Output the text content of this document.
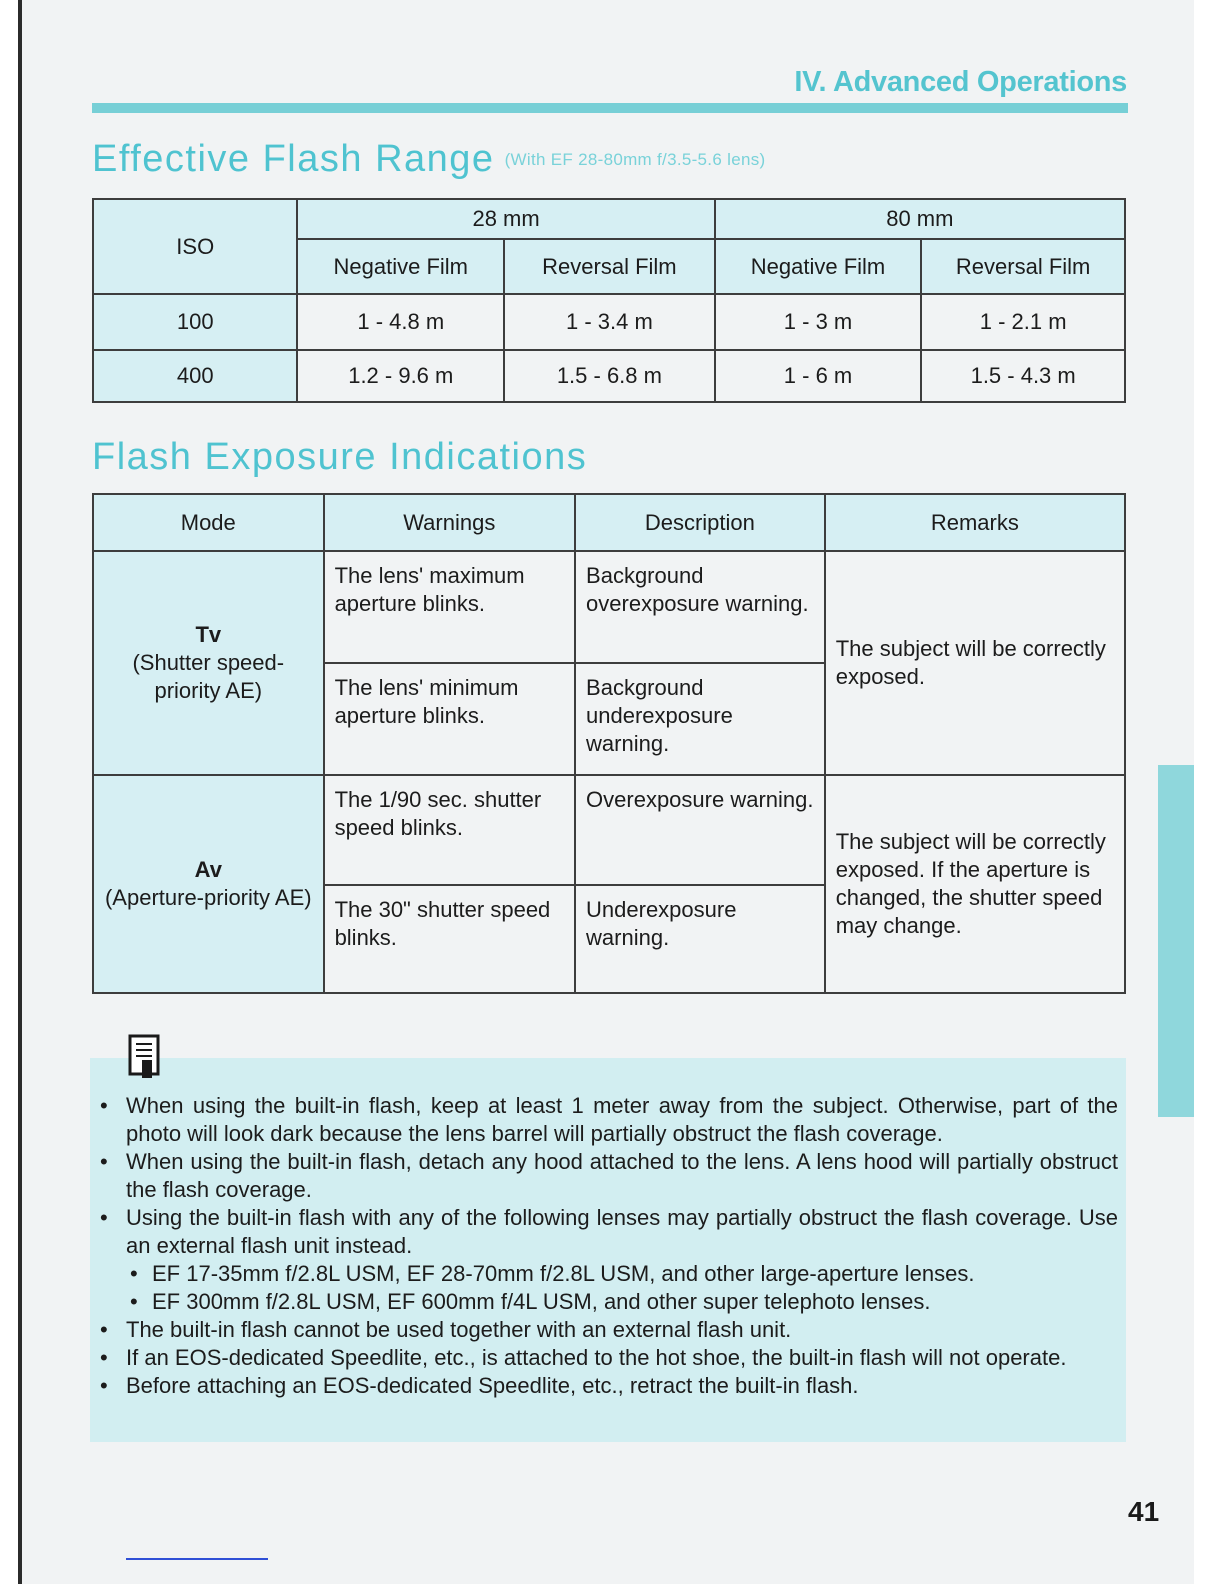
IV. Advanced Operations
Effective Flash Range $^{(With EF 28-80mm f/3.5-5.6 lens)}$
ISO	28 mm		80 mm	
	Negative Film	Reversal Film	Negative Film	Reversal Film
100	1 - 4.8 m	1 - 3.4 m	1 - 3 m	1 - 2.1 m
400	1.2 - 9.6 m	1.5 - 6.8 m	1 - 6 m	1.5 - 4.3 m
Flash Exposure Indications
Mode	Warnings	Description	Remarks
Tv
(Shutter speed-priority AE)	The lens' maximum aperture blinks.	Background overexposure warning.	The subject will be correctly exposed.
	The lens' minimum aperture blinks.	Background underexposure warning.	
Av
(Aperture-priority AE)	The 1/90 sec. shutter speed blinks.	Overexposure warning.	The subject will be correctly exposed. If the aperture is changed, the shutter speed may change.
	The 30" shutter speed blinks.	Underexposure warning.	
• When using the built-in flash, keep at least 1 meter away from the subject. Otherwise, part of the photo will look dark because the lens barrel will partially obstruct the flash coverage.
• When using the built-in flash, detach any hood attached to the lens. A lens hood will partially obstruct the flash coverage.
• Using the built-in flash with any of the following lenses may partially obstruct the flash coverage. Use an external flash unit instead.
• EF 17-35mm f/2.8L USM, EF 28-70mm f/2.8L USM, and other large-aperture lenses.
• EF 300mm f/2.8L USM, EF 600mm f/4L USM, and other super telephoto lenses.
• The built-in flash cannot be used together with an external flash unit.
• If an EOS-dedicated Speedlite, etc., is attached to the hot shoe, the built-in flash will not operate.
• Before attaching an EOS-dedicated Speedlite, etc., retract the built-in flash.
41
